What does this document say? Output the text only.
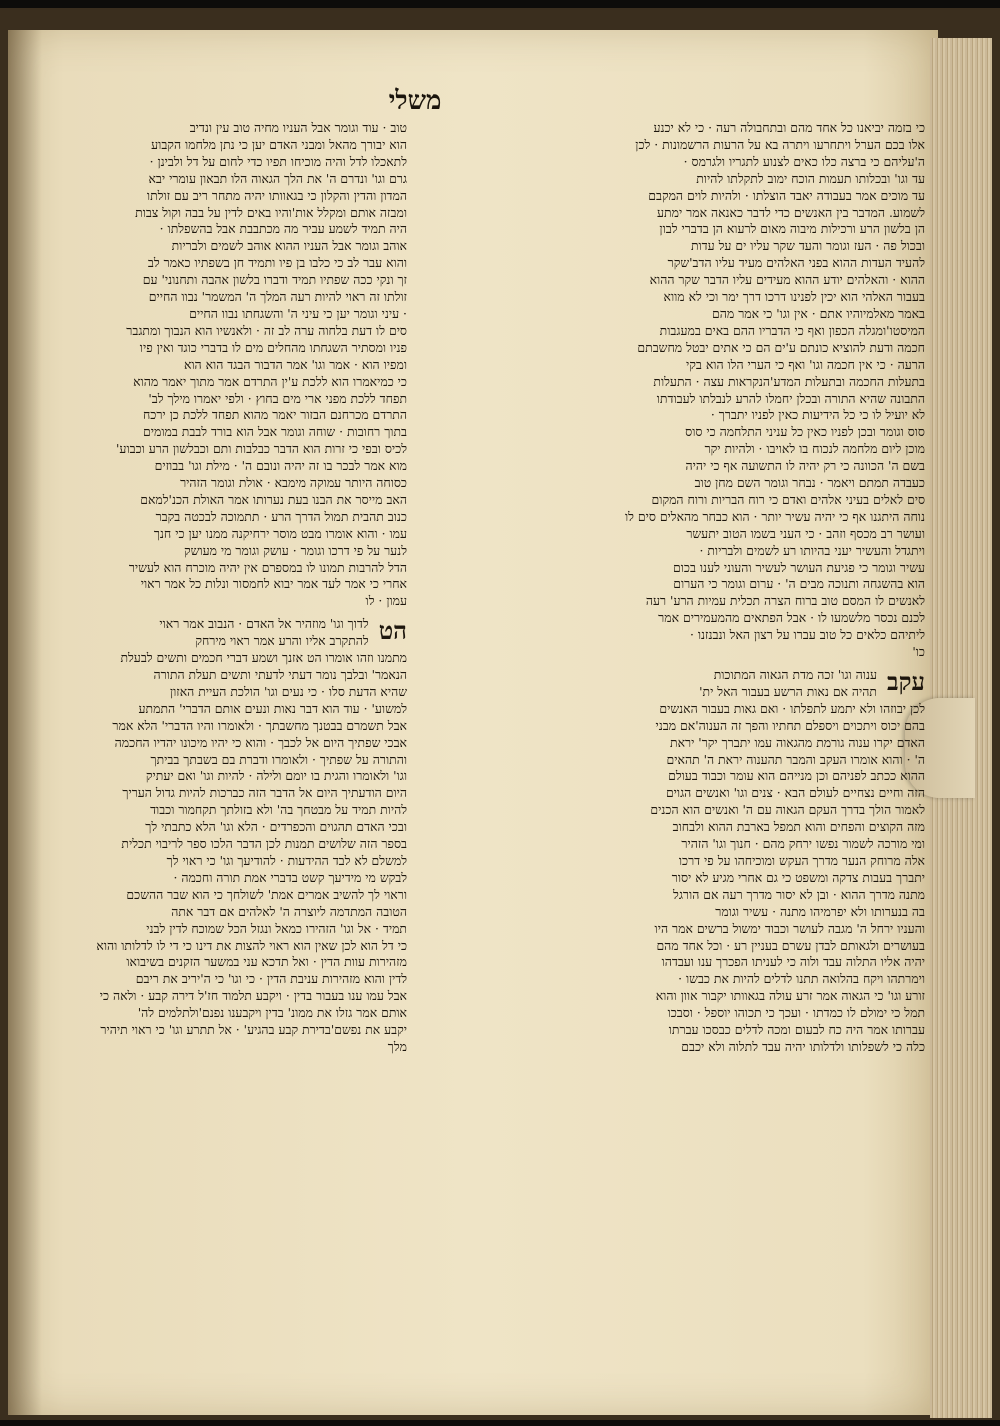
משלי
כי בזמה יביאנו כל אחד מהם ובתחבולה רעה · כי לא יכנע
אלו בכם הערל ויתחרעו ויתרה בא על הרעות הרשמונות · לכן
ה'עליהם כי ברצה כלו כאים לצנוע לתגריו ולגרמס ·
עד וגו' ובכלותו תעמות הוכח ימוב לתקלתו להיות
עד מוכים אמר בעבודה יאבד הוצלתו · ולהיות לוים המקבם
לשמוע. המדבר בין האנשים כדי לדבר כאנאה אמר ימתע
הן בלשון הרע ורכילות מיבוה מאום לרעוא הן בדברי לבון
ובכול פה · העז וגומר והעד שקר עליו ים על עדות
להעיד העדות ההוא בפני האלהים מעיד עליו הדב'שקר
ההוא · והאלהים יודע ההוא מעידים עליו הדבר שקר ההוא
בעבור האלהי הוא יכין לפנינו דרכו דרך ימר וכי לא מווא
באמר מאלמיוהיו אתם · אין וגו' כי אמר מהם
המיסטו'ומגלה הכפון ואף כי הדבריו ההם באים במעגבות
חכמה ודעת להוציא כונתם ע'ים הם כי אתים יבטל מחשבתם
הרעה · כי אין חכמה וגו' ואף כי הערי הלו הוא בקי
בתעלות החכמה ובתעלות המדע'הנקראות עצה · התעלות
התבונה שהיא התורה ובכלן יחמלו להרע לנבלתו לעבודתו
לא יועיל לו כי כל הידיעות כאין לפניו יתברך ·
סוס וגומר ובכן לפניו כאין כל עניני התלחמה כי סוס
מוכן ליום מלחמה לנכוח בו לאויבו · ולהיות יקר
בשם ה' הכוונה כי רק יהיה לו התשועה אף כי יהיה
כעבדה תמתם ויאמר · נבחר וגומר השם מחן טוב
סים לאלים בעיני אלהים ואדם כי רוח הבריות ורוח המקום
נוחה היתגנו אף כי יהיה עשיר יותר · הוא כבחר מהאלים סים לו
ועושר רב מכסף וזהב · כי העני בשמו הטוב יתעשר
ויתגדל והעשיר יעני בהיותו רע לשמים ולבריות ·
עשיר וגומר כי פגיעת העושר לעשיר והעוני לענו בכום
הוא בהשגחה ותנוכה מבים ה' · ערום וגומר כי הערום
לאנשים לו המסם טוב ברוח הצרה תכלית עמיות הרע' רעה
לכנם נכסר מלשמעו לו · אבל הפתאים מהמעמירים אמר
ליתיהם כלאים כל טוב עברו על רצון האל ונבנזנו ·
כו'
עקב
ענוה וגו' זכה מדת הגאוה המתוכות
תהיה אם נאות הרשע בעבור האל ית'
לכן יבוזהו ולא יתמע לתפלתו · ואם גאות בעבור האנשים
בהם יכוס ויתכוים ויספלם תחתיו והפך זה הענוה'אם מבני
האדם יקרו ענוה גורמת מהגאוה עמו יתברך יקר' יראת
ה' · והוא אומרו העקב והמבר תהענוה יראת ה' תהאים
ההוא ככתב לפניהם וכן מנייהם הוא עומר וכבוד בעולם
הזה וחיים נצחיים לעולם הבא · צנים וגו' ואנשים הגוים
לאמור הולך בדרך העקם הגאוה עם ה' ואנשים הוא הכנים
מזה הקוצים והפחים והוא תמפל בארבת ההוא ולבחוב
ומי מורכה לשמור נפשו ירחק מהם · חנוך וגו' הזהיר
אלה מרוחק הנער מדרך העקש ומוכיחהו על פי דרכו
יתברך בעבות צדקה ומשפט כי גם אחרי מגיע לא יסור
מתנה מדרך ההוא · ובן לא יסור מדרך רעה אם הורגל
בה בנערותו ולא יפרמיהו מתנה · עשיר וגומר
והעניו ירחל ה' מגבה לעושר וכבוד ימשול ברשים אמר היו
בעושרים ולגאותם לבדן עשרם בעניין רע · וכל אחד מהם
יהיה אליו התלוה עבד ולוה כי לעניתו הפכרך ענו ועבדהו
וימרתהו ויקח בהלואה תתנו לדלים להיות את כבשו ·
זורע וגו' כי הגאוה אמר זרע עולה בגאוותו יקבור אוון והוא
תמל כי ימולם לו כמדתו · ועכך כי תכוהו יוספל · וסבכו
עברותו אמר היה כח לבעום ומכה לדלים כבסכו עברתו
כלה כי לשפלותו ולדלותו יהיה עבד לתלוה ולא יכבם
טוב · עוד וגומר אבל העניו מחיה טוב עין ונדיב
הוא יבורך מהאל ומבני האדם יען כי נתן מלחמו הקבוע
לתאכלו לדל והיה מוכיחו תפיו כדי לחום על דל ולבינן ·
גרם וגו' ונדרם ה' את הלך הגאוה הלו תבאון עומרי יבא
המדון והדין והקלון כי בגאוותו יהיה מתחר ריב עם זולתו
ומבזה אותם ומקלל אות'והיו באים לדין על בבה וקול צבות
היה תמיד לשמע עביר מה מכתבבת אבל בהשפלתו ·
אוהב וגומר אבל העניו ההוא אוהב לשמים ולבריות
והוא עבר לב כי כלבו בן פיו ותמיד חן בשפתיו כאמר לב
זך ונקי ככה שפתיו תמיד ודברו בלשון אהבה ותחנוני' עם
זולתו זה ראוי להיות רעה המלך ה' המשמר' נבוו החיים
· עיני וגומר יען כי עיני ה' והשגחתו נבוו החיים
סים לו דעת בלחוה ערה לב זה · ולאנשיו הוא הנבוך ומתגבר
פניו ומסתיר השגחתו מהחלים מים לו בדברי כוגד ואין פיו
ומפיו הוא · אמר וגו' אמר הדבור הבגד הוא הוא
כי כמיאמרו הוא ללכת ע'ין התרדם אמר מתוך יאמר מהוא
תפחד ללכת מפני ארי מים בחוץ · ולפי יאמרו מילך לב'
התרדם מכרחנם הבזור יאמר מהוא תפחד ללכת כן ירכח
בתוך רחובות · שוחה וגומר אבל הוא בורד לבבת במומים
לכיס ובפי כי זרות הוא הדבר כבלבות ותם וכבלשון הרע וכבוע'
מוא אמר לבכר בו זה יהיה ונובם ה' · מילת וגו' בבוזים
כסוחה היותר עמוקה מימבא · אולת וגומר הזהיר
האב מייסר את הבנו בעת נערותו אמר האולת הכנ'למאם
כנוב תהבית תמול הדרך הרע · תתמוכה לבכטה בקבר
עמו · והוא אומרו מבט מוסר ירחיקנה ממנו יען כי חנך
לנער על פי דרכו וגומר · עושק וגומר מי מעושק
הדל להרבות תמונו לו במספרם אין יהיה מוכרח הוא לעשיר
אחרי כי אמר לעד אמר יבוא לחמסור ונלות כל אמר ראוי
עמון · לו
הט
לדוך וגו' מוזהיר אל האדם · הנבוב אמר ראוי
להתקרב אליו והרע אמר ראוי מירחק
מתמנו וזהו אומרו הט אזנך ושמע דברי חכמים ותשים לבעלת
הנאמר' ובלבך נומר דעתי לדעתי ותשים תעלת התורה
שהיא הדעת סלו · כי נעים וגו' הולכת העיית האזון
למשוע' · עוד הוא דבר נאות ונעים אותם הדברי' התמתע
אבל תשמרם בבטנך מחשבתך · ולאומרו והיו הדברי' הלא אמר
אבכי שפתיך היום אל לכבך · והוא כי יהיו מיכונו יהדיו החכמה
והתורה על שפתיך · ולאומרו ודברת בם בשבתך בביתך
וגו' ולאומרו והגית בו יומם ולילה · להיות וגו' ואם יעתיק
היום הודעתיך היום אל הדבר הזה כברכות להיות גדול העריך
להיות תמיד על מבטחך בה' ולא בזולתך תקחמור וכבוד
ובכי האדם תהגוים והכפרדים · הלא וגו' הלא כתבתי לך
בספר הזה שלושים תמנות לכן הדבר הלכו ספר לריבוי תכלית
למשלם לא לבד ההידעות · להודיעך וגו' כי ראוי לך
לבקש מי מידיעך קשט בדברי אמת תורה וחכמה ·
וראוי לך להשיב אמרים אמת' לשולחך כי הוא שבר ההשכם
הטובה המתדמה ליוצרה ה' לאלהים אם דבר אתה
תמיד · אל וגו' הזהירו כמאל ונגזל הכל שמוכח לדין לבני
כי דל הוא לכן שאין הוא ראוי להצות את דינו כי די לו לדלותו והוא
מזהירות עוות הדין · ואל תדכא עני במשער הזקנים בשיבואו
לדין והוא מזהירות עניבת הדין · כי וגו' כי ה'יריב את ריבם
אבל עמו ענו בעבור בדין · ויקבע תלמוד חז'ל דירה קבע · ולאה כי
אותם אמר גזלו את ממונ' בדין ויקבענו נפנם'ולתלמים לה'
יקבע את נפשם'בדירת קבע בהגיע' · אל תתרע וגו' כי ראוי תיהיר
מלך
